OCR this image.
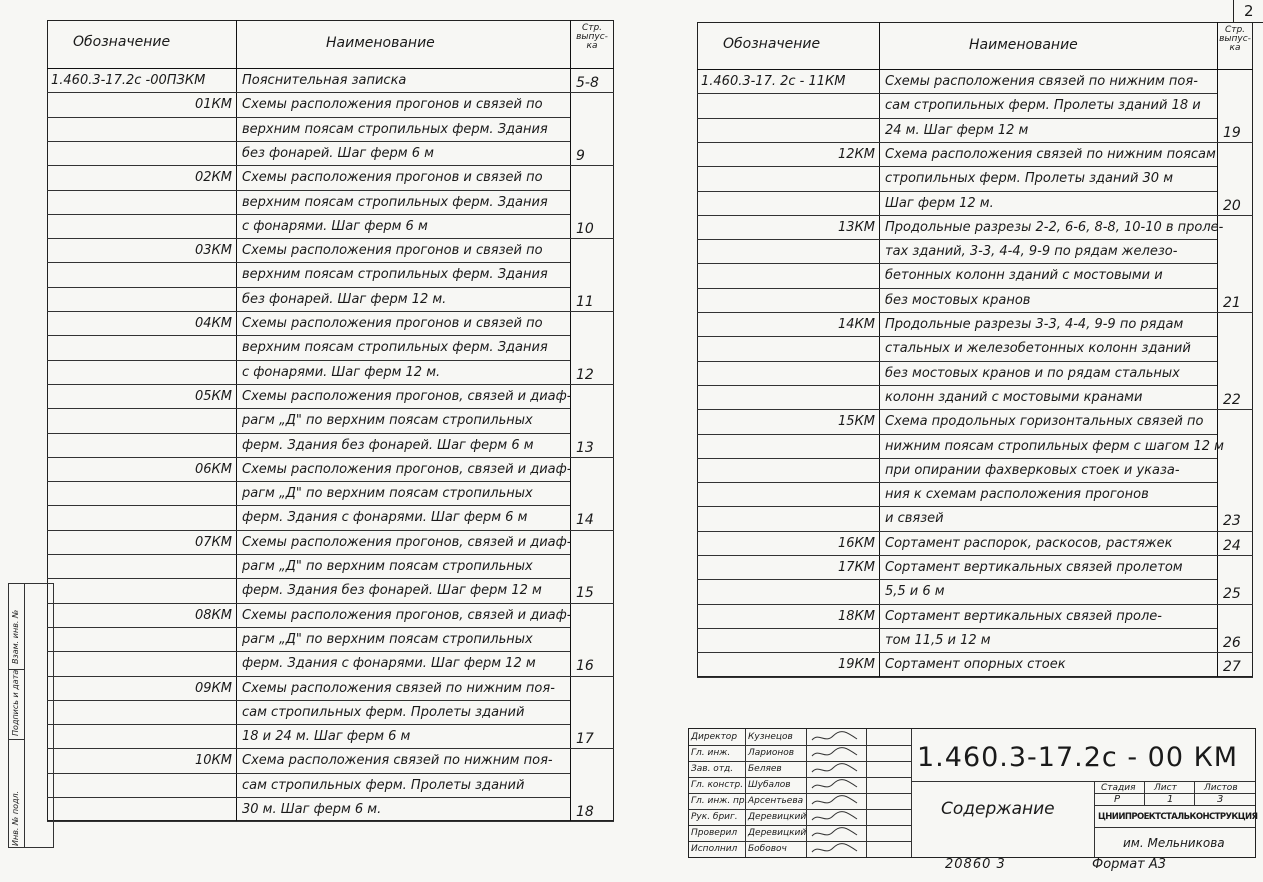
2
Обозначение	Наименование
Стр. выпус- ка
1.460.3-17.2с -00ПЗКМ	Пояснительная записка	5-8
01КМ Схемы расположения прогонов и связей по
верхним поясам стропильных ферм. Здания
без фонарей. Шаг ферм 6 м	9
02КМ Схемы расположения прогонов и связей по
верхним поясам стропильных ферм. Здания
с фонарями. Шаг ферм 6 м	10
03КМ Схемы расположения прогонов и связей по
верхним поясам стропильных ферм. Здания
без фонарей. Шаг ферм 12 м.	11
04КМ Схемы расположения прогонов и связей по
верхним поясам стропильных ферм. Здания
с фонарями. Шаг ферм 12 м.	12
05КМ Схемы расположения прогонов, связей и диаф-
рагм „Д" по верхним поясам стропильных
ферм. Здания без фонарей. Шаг ферм 6 м	13
06КМ Схемы расположения прогонов, связей и диаф-
рагм „Д" по верхним поясам стропильных
ферм. Здания с фонарями. Шаг ферм 6 м	14
07КМ Схемы расположения прогонов, связей и диаф-
рагм „Д" по верхним поясам стропильных
ферм. Здания без фонарей. Шаг ферм 12 м 15
08КМ Схемы расположения прогонов, связей и диаф-
рагм „Д" по верхним поясам стропильных
ферм. Здания с фонарями. Шаг ферм 12 м	16
09КМ Схемы расположения связей по нижним поя-
сам стропильных ферм. Пролеты зданий
18 и 24 м. Шаг ферм 6 м	17
10КМ Схема расположения связей по нижним поя-
сам стропильных ферм. Пролеты зданий
30 м. Шаг ферм 6 м.	18
Обозначение	Наименование
Стр. выпус- ка
1.460.3-17. 2с - 11КМ	Схемы расположения связей по нижним поя-
сам стропильных ферм. Пролеты зданий 18 и
24 м. Шаг ферм 12 м	19
12КМ Схема расположения связей по нижним поясам
стропильных ферм. Пролеты зданий 30 м
Шаг ферм 12 м.	20
13КМ Продольные разрезы 2-2, 6-6, 8-8, 10-10 в проле-
тах зданий, 3-3, 4-4, 9-9 по рядам железо-
бетонных колонн зданий с мостовыми и
без мостовых кранов	21
14КМ Продольные разрезы 3-3, 4-4, 9-9 по рядам
стальных и железобетонных колонн зданий
без мостовых кранов и по рядам стальных
колонн зданий с мостовыми кранами	22
15КМ Схема продольных горизонтальных связей по
нижним поясам стропильных ферм с шагом 12 м
при опирании фахверковых стоек и указа-
ния к схемам расположения прогонов
и связей	23
16КМ Сортамент распорок, раскосов, растяжек	24
17КМ Сортамент вертикальных связей пролетом
5,5 и 6 м	25
18КМ Сортамент вертикальных связей проле-
том 11,5 и 12 м	26
19КМ Сортамент опорных стоек	27
Инв. № подл.
Подпись и дата
Взам. инв. №
Директор Кузнецов
Гл. инж. Ларионов
Зав. отд. Беляев
Гл. констр. Шубалов
Гл. инж. пр. Арсентьева
Рук. бриг. Деревицкий
Проверил Деревицкий
Исполнил Бобовоч
1.460.3-17.2с - 00 КМ
Содержание
Стадия Лист	Листов
Р	1	3
ЦНИИПРОЕКТСТАЛЬКОНСТРУКЦИЯ
им. Мельникова
20860 3	Формат А3
